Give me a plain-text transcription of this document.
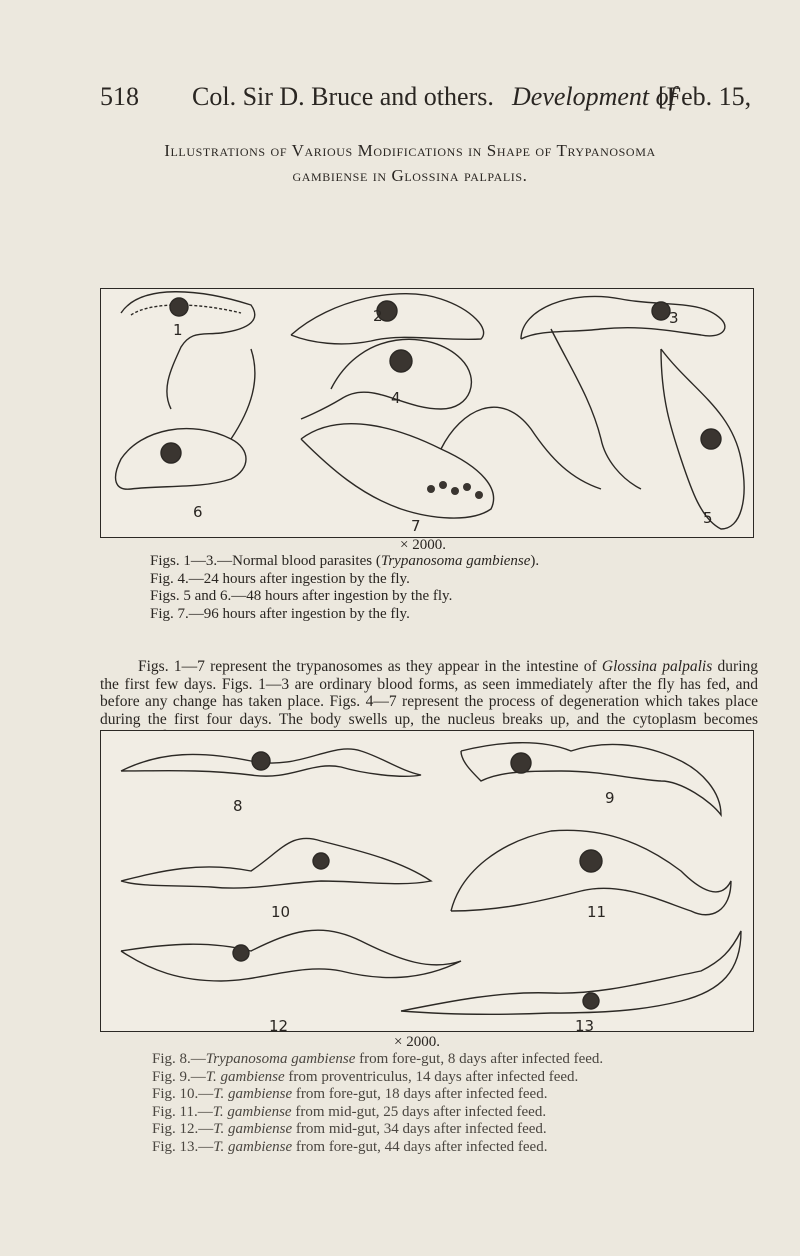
518 Col. Sir D. Bruce and others. Development of
[Feb. 15,
Illustrations of Various Modifications in Shape of Trypanosoma
gambiense in Glossina palpalis.
1
2	3
4
5
6
7
× 2000.
Figs. 1—3.—Normal blood parasites (Trypanosoma gambiense).
Fig. 4.—24 hours after ingestion by the fly.
Figs. 5 and 6.—48 hours after ingestion by the fly.
Fig. 7.—96 hours after ingestion by the fly.
Figs. 1—7 represent the trypanosomes as they appear in the intestine of Glossina palpalis during the first few days. Figs. 1—3 are ordinary blood forms, as seen immediately after the fly has fed, and before any change has taken place. Figs. 4—7 represent the process of degeneration which takes place during the first four days. The body swells up, the nucleus breaks up, and the cytoplasm becomes
8	9
10	11
12	13
× 2000.
Fig. 8.—Trypanosoma gambiense from fore-gut, 8 days after infected feed.
Fig. 9.—T. gambiense from proventriculus, 14 days after infected feed.
Fig. 10.—T. gambiense from fore-gut, 18 days after infected feed.
Fig. 11.—T. gambiense from mid-gut, 25 days after infected feed.
Fig. 12.—T. gambiense from mid-gut, 34 days after infected feed.
Fig. 13.—T. gambiense from fore-gut, 44 days after infected feed.
